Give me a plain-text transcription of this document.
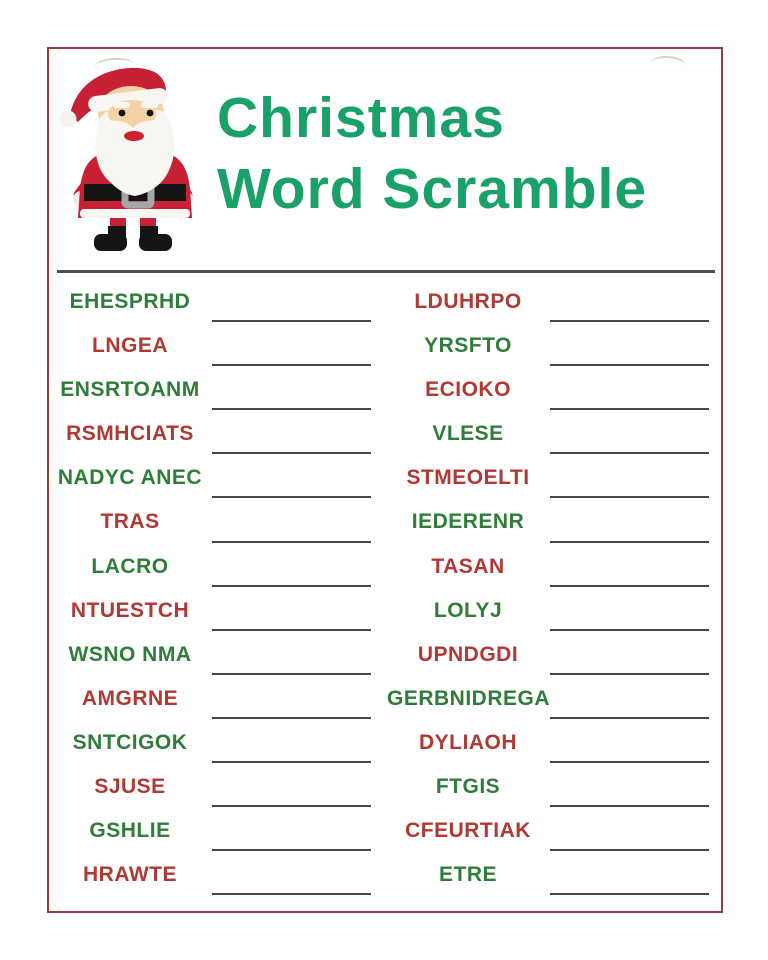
Christmas
Word Scramble
EHESPRHD
LNGEA
ENSRTOANM
RSMHCIATS
NADYC ANEC
TRAS
LACRO
NTUESTCH
WSNO NMA
AMGRNE
SNTCIGOK
SJUSE
GSHLIE
HRAWTE
LDUHRPO
YRSFTO
ECIOKO
VLESE
STMEOELTI
IEDERENR
TASAN
LOLYJ
UPNDGDI
GERBNIDREGA
DYLIAOH
FTGIS
CFEURTIAK
ETRE
